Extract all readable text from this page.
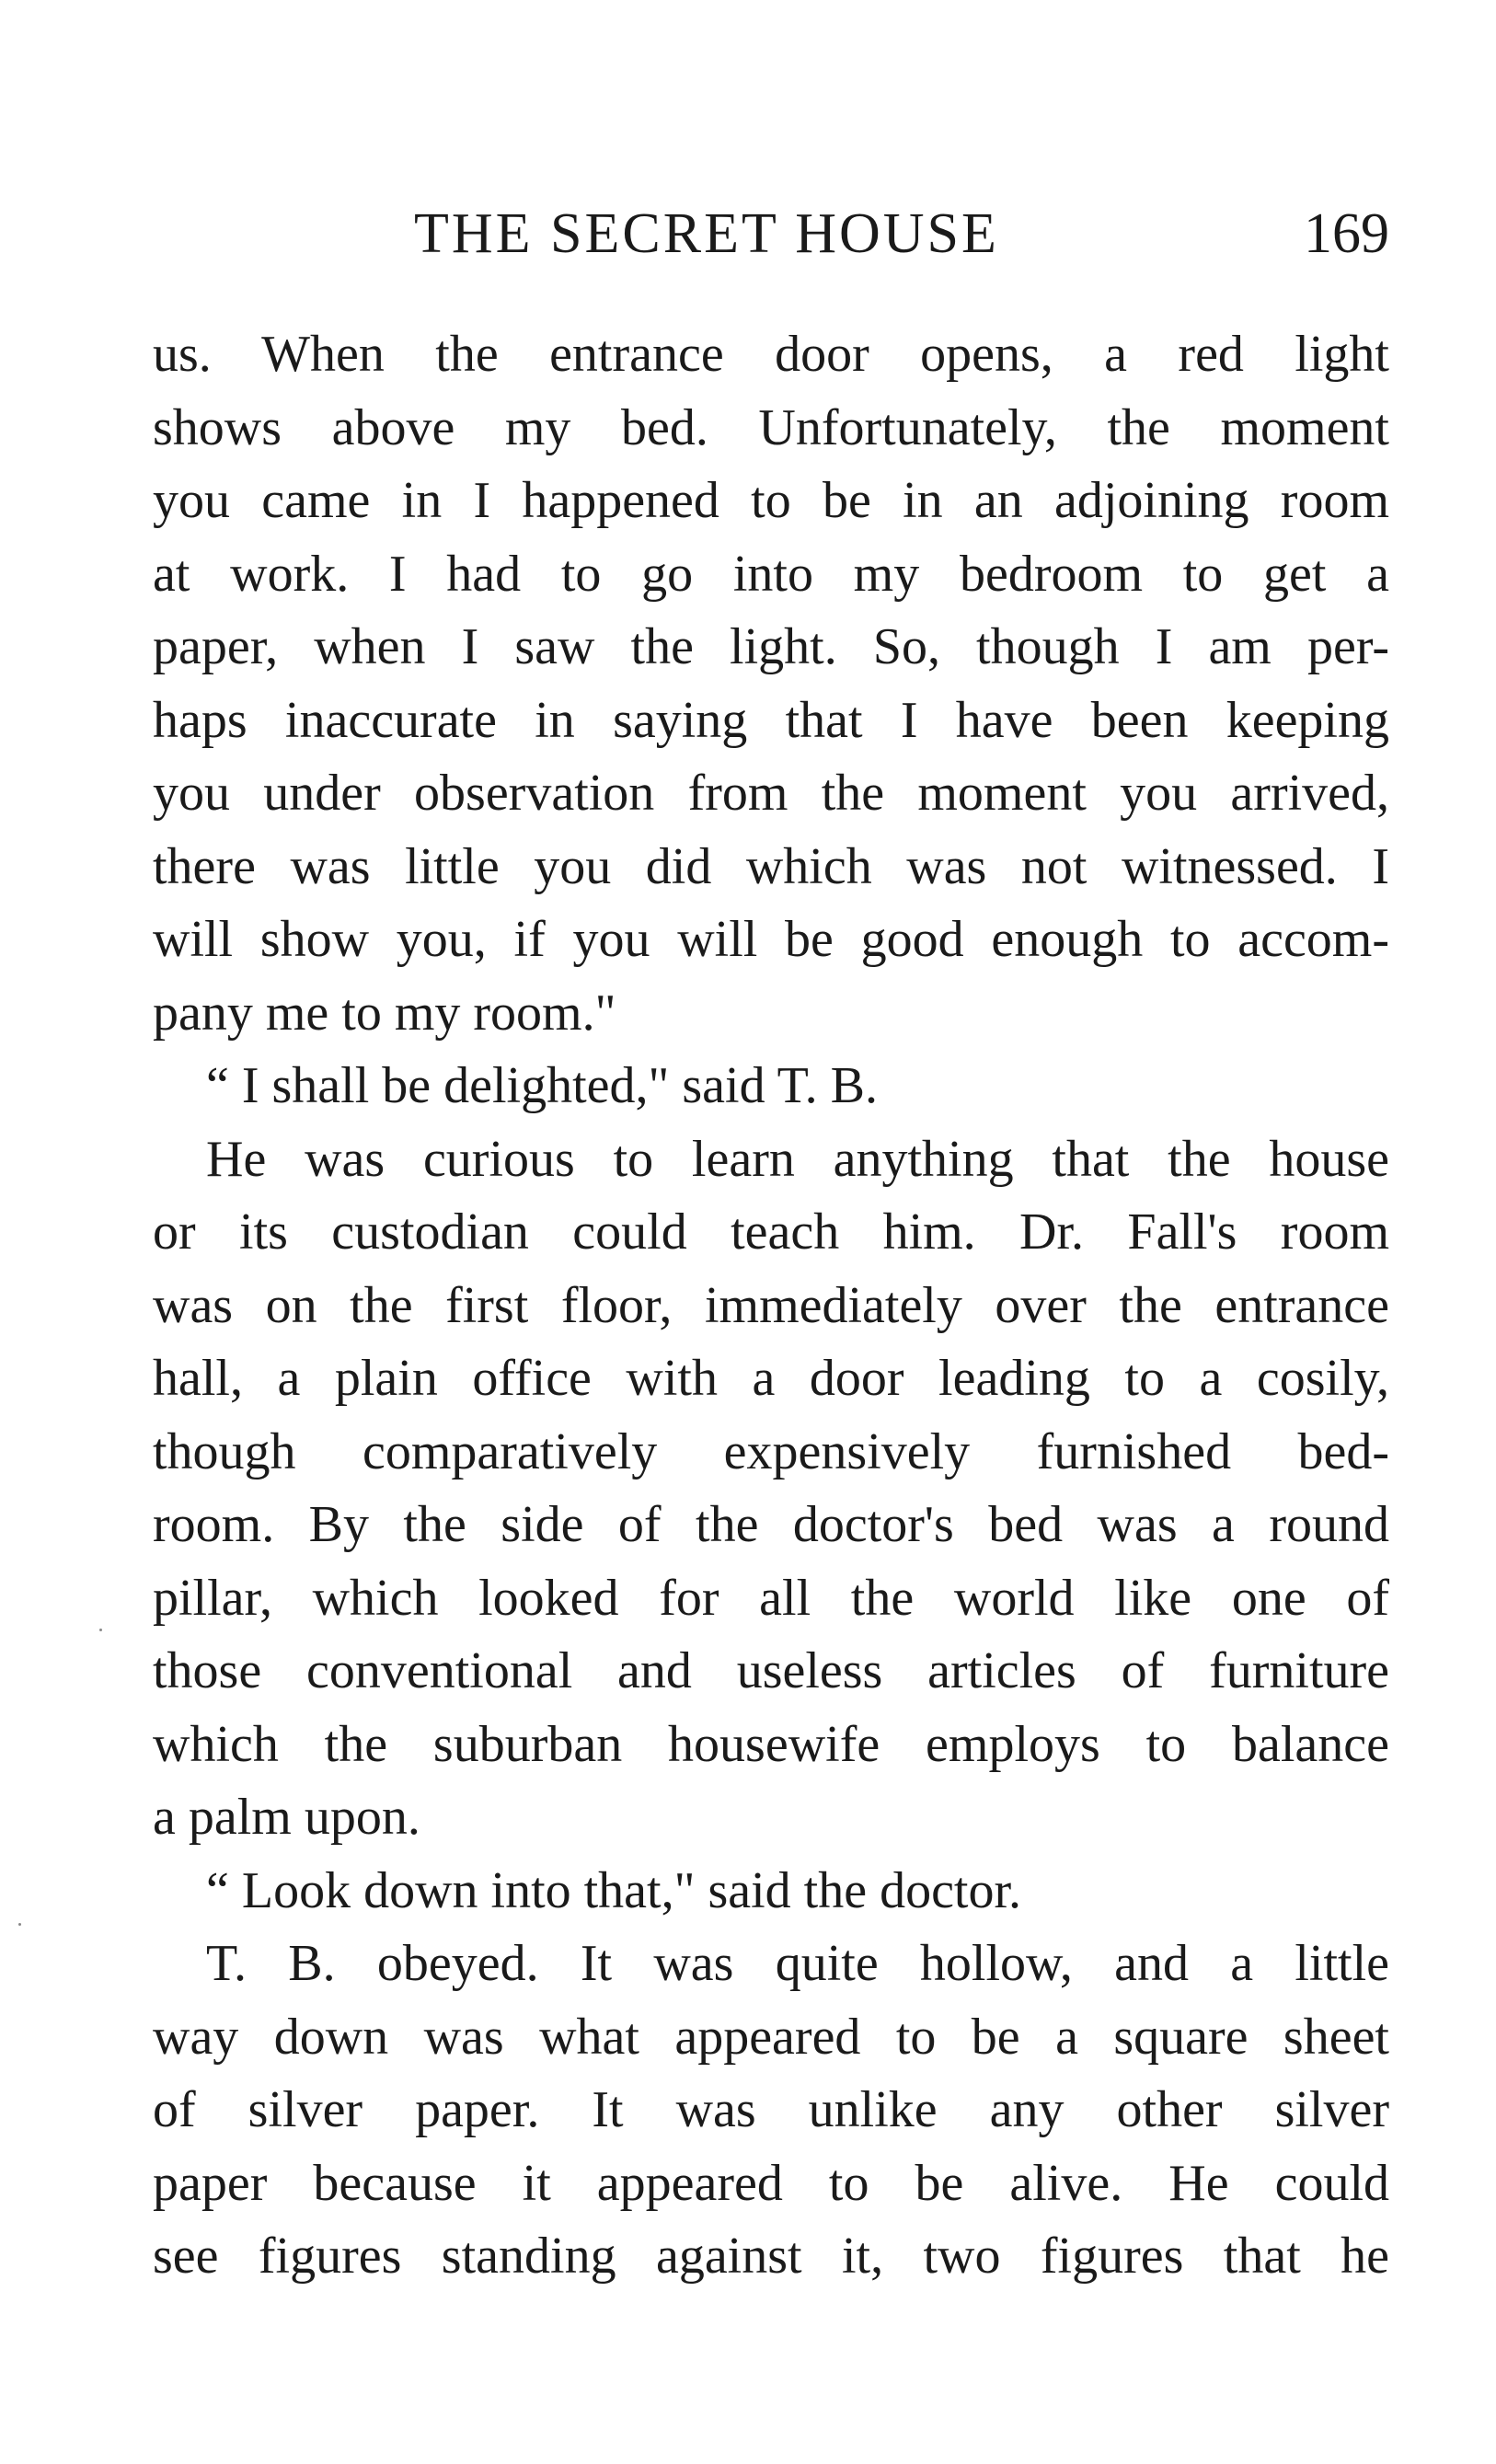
THE SECRET HOUSE	169
us. When the entrance door opens, a red light
shows above my bed. Unfortunately, the moment
you came in I happened to be in an adjoining room
at work. I had to go into my bedroom to get a
paper, when I saw the light. So, though I am per-
haps inaccurate in saying that I have been keeping
you under observation from the moment you arrived,
there was little you did which was not witnessed. I
will show you, if you will be good enough to accom-
pany me to my room."
“ I shall be delighted," said T. B.
He was curious to learn anything that the house
or its custodian could teach him. Dr. Fall's room
was on the first floor, immediately over the entrance
hall, a plain office with a door leading to a cosily,
though comparatively expensively furnished bed-
room. By the side of the doctor's bed was a round
pillar, which looked for all the world like one of
those conventional and useless articles of furniture
which the suburban housewife employs to balance
a palm upon.
“ Look down into that," said the doctor.
T. B. obeyed. It was quite hollow, and a little
way down was what appeared to be a square sheet
of silver paper. It was unlike any other silver
paper because it appeared to be alive. He could
see figures standing against it, two figures that he
